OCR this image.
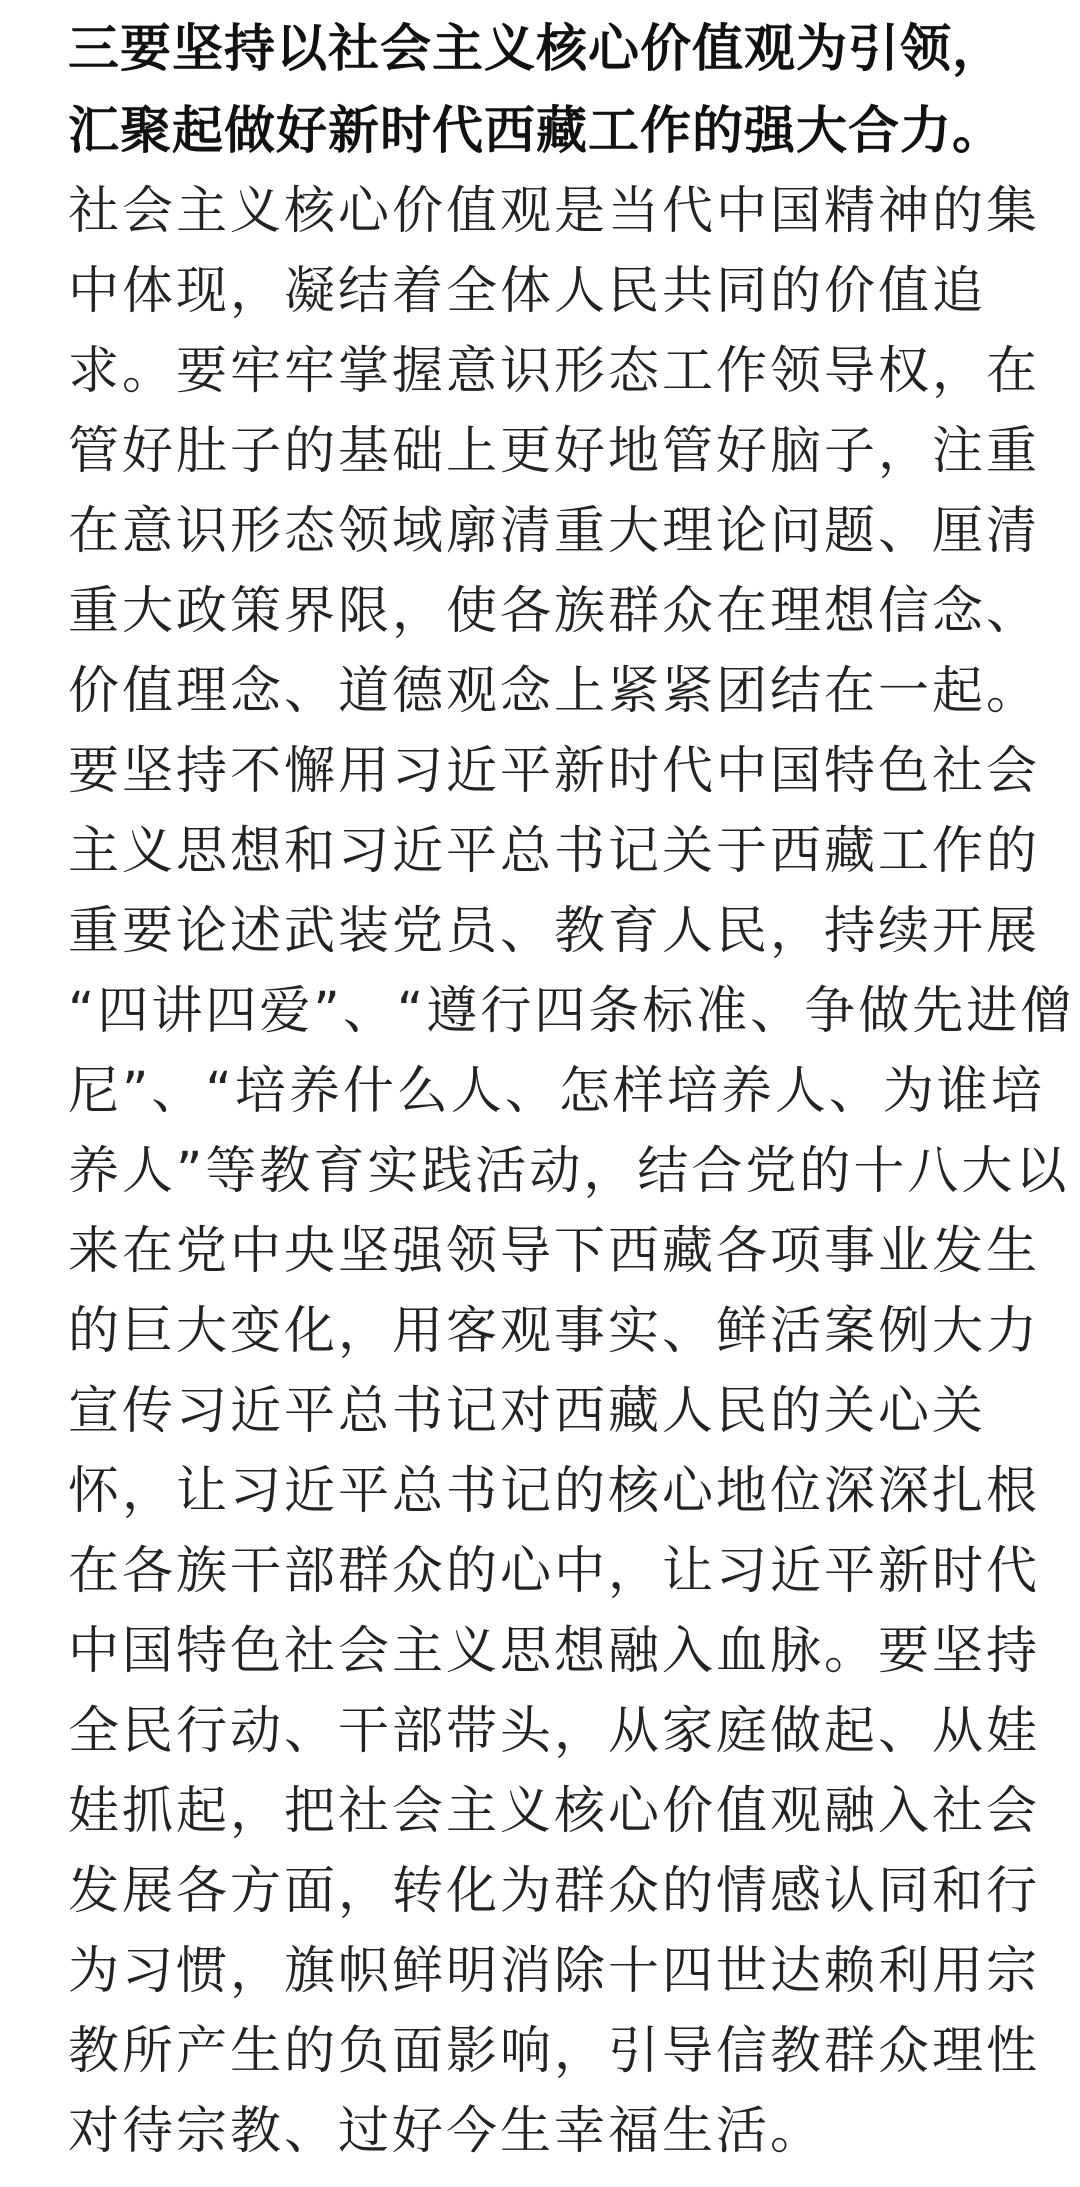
三要坚持以社会主义核心价值观为引领，
汇聚起做好新时代西藏工作的强大合力。
社会主义核心价值观是当代中国精神的集
中体现，凝结着全体人民共同的价值追
求。要牢牢掌握意识形态工作领导权，在
管好肚子的基础上更好地管好脑子，注重
在意识形态领域廓清重大理论问题、厘清
重大政策界限，使各族群众在理想信念、
价值理念、道德观念上紧紧团结在一起。
要坚持不懈用习近平新时代中国特色社会
主义思想和习近平总书记关于西藏工作的
重要论述武装党员、教育人民，持续开展
“四讲四爱”、“遵行四条标准、争做先进僧
尼”、“培养什么人、怎样培养人、为谁培
养人”等教育实践活动，结合党的十八大以
来在党中央坚强领导下西藏各项事业发生
的巨大变化，用客观事实、鲜活案例大力
宣传习近平总书记对西藏人民的关心关
怀，让习近平总书记的核心地位深深扎根
在各族干部群众的心中，让习近平新时代
中国特色社会主义思想融入血脉。要坚持
全民行动、干部带头，从家庭做起、从娃
娃抓起，把社会主义核心价值观融入社会
发展各方面，转化为群众的情感认同和行
为习惯，旗帜鲜明消除十四世达赖利用宗
教所产生的负面影响，引导信教群众理性
对待宗教、过好今生幸福生活。
